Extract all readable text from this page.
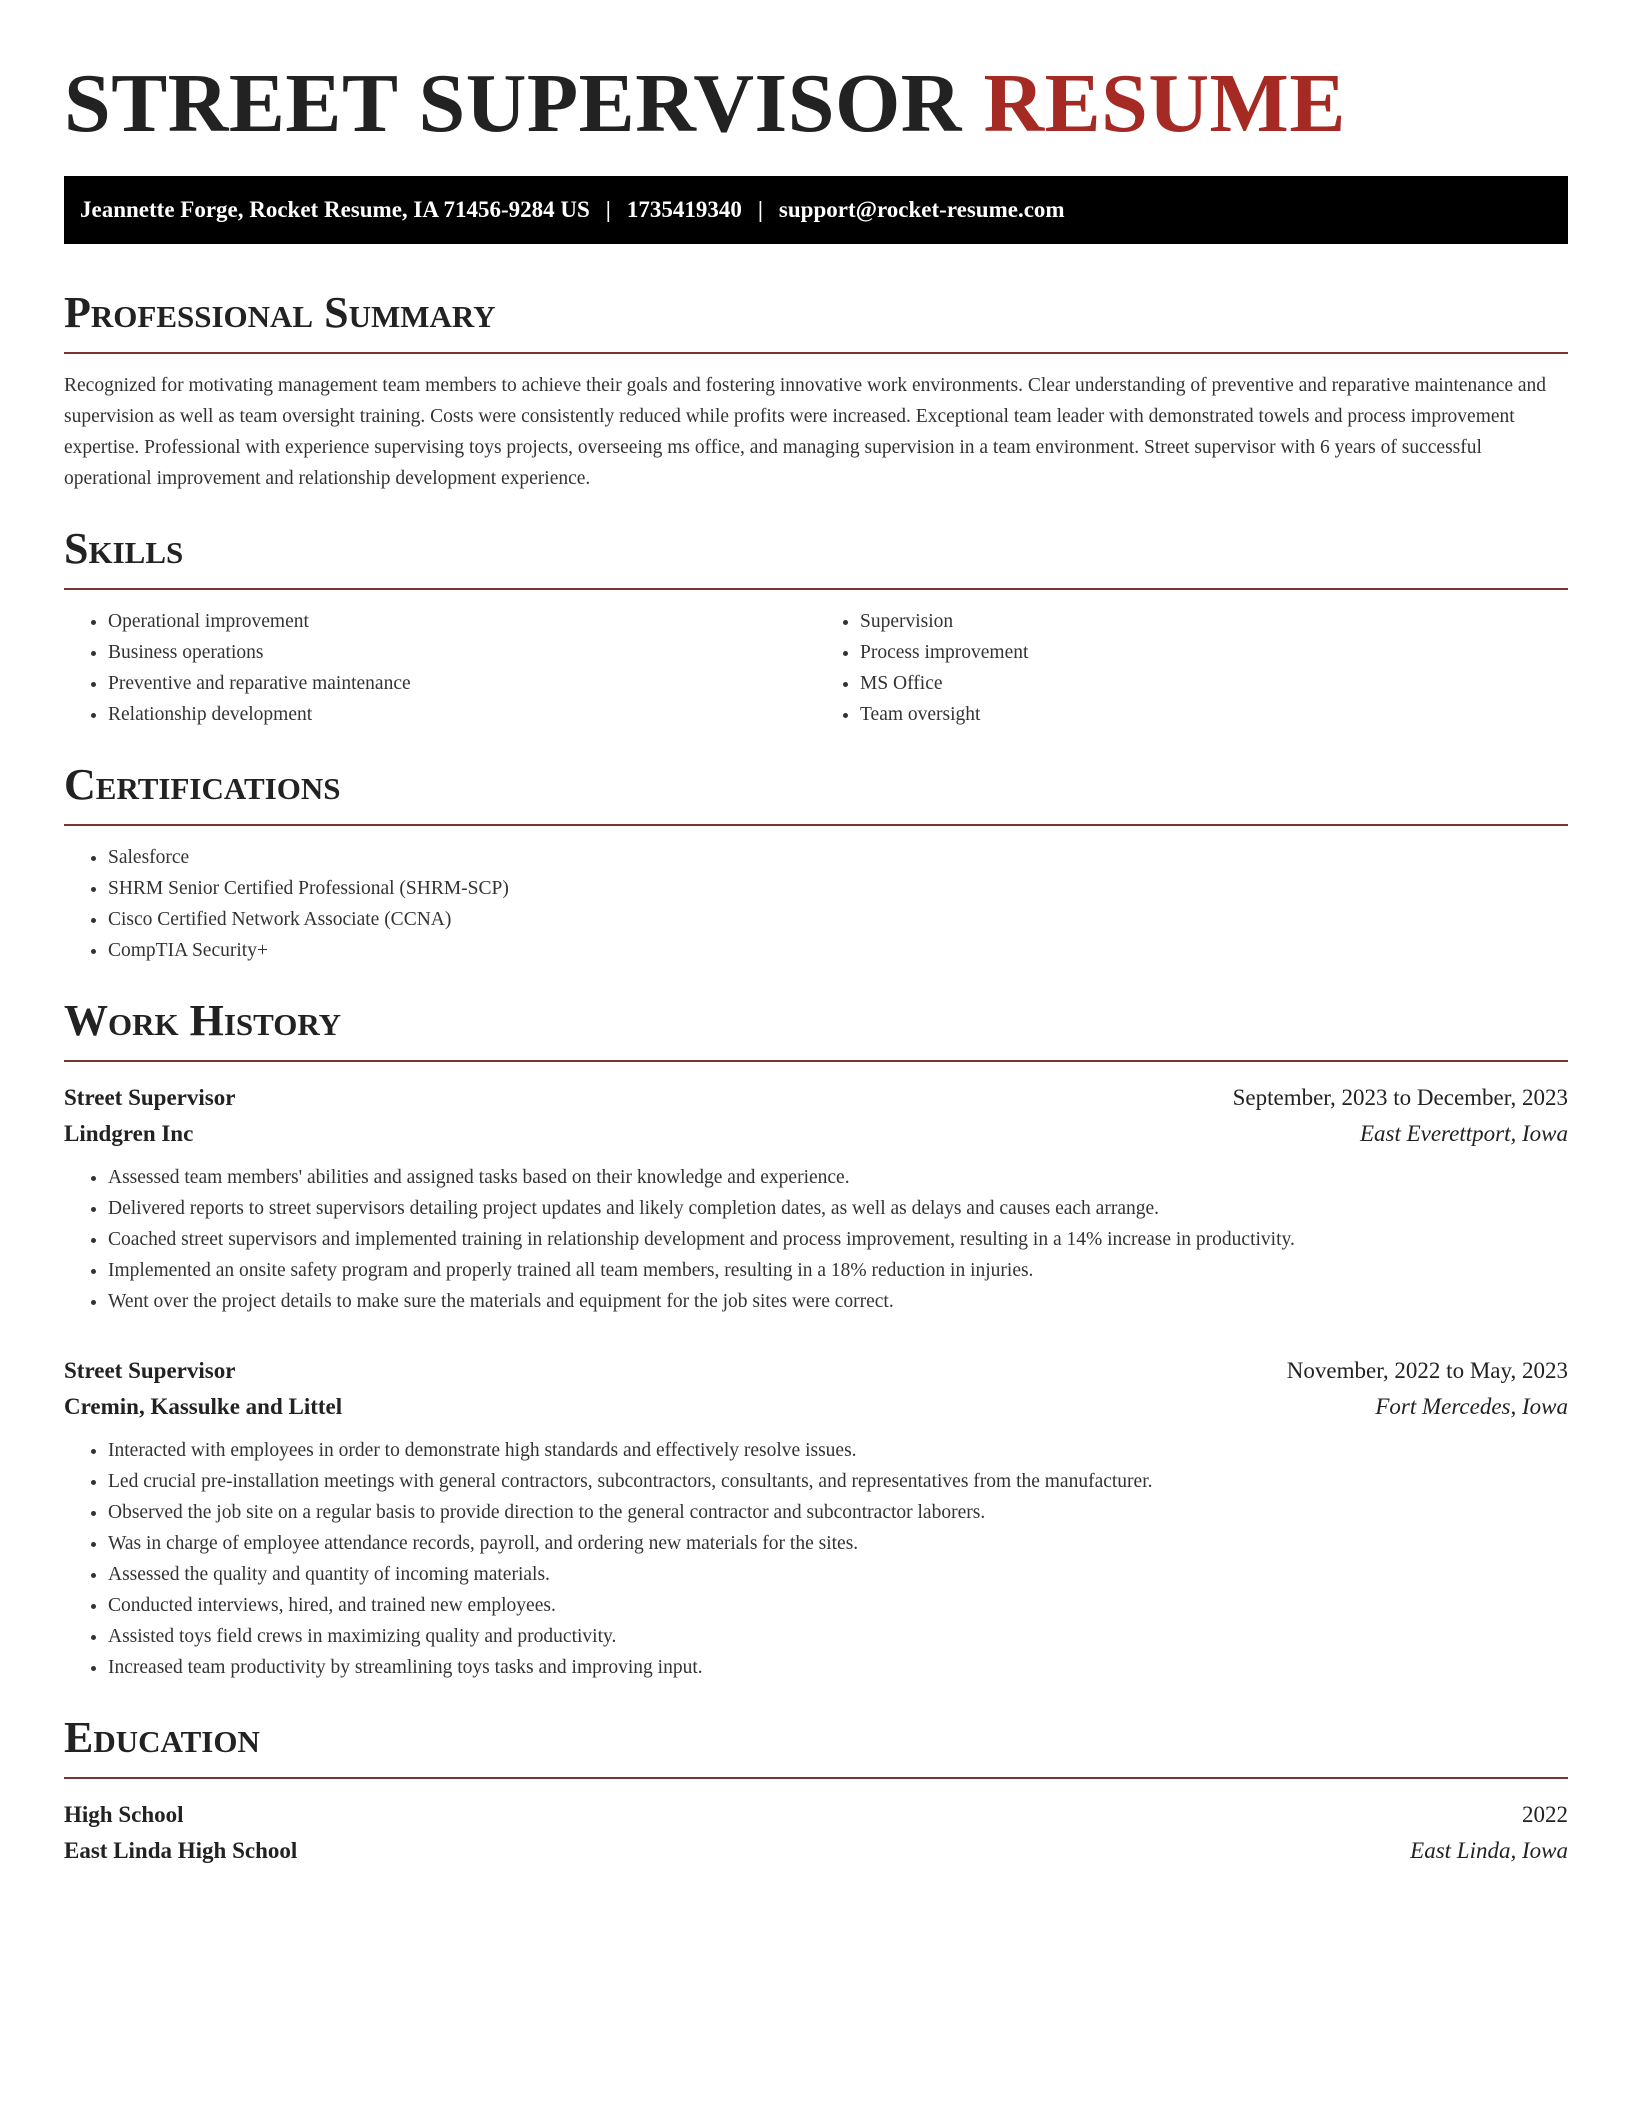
STREET SUPERVISOR RESUME
Jeannette Forge, Rocket Resume, IA 71456-9284 US | 1735419340 | support@rocket-resume.com
Professional Summary

Recognized for motivating management team members to achieve their goals and fostering innovative work environments. Clear understanding of preventive and reparative maintenance and supervision as well as team oversight training. Costs were consistently reduced while profits were increased. Exceptional team leader with demonstrated towels and process improvement expertise. Professional with experience supervising toys projects, overseeing ms office, and managing supervision in a team environment. Street supervisor with 6 years of successful operational improvement and relationship development experience.

Skills
• Operational improvement
• Business operations
• Preventive and reparative maintenance
• Relationship development
• Supervision
• Process improvement
• MS Office
• Team oversight
Certifications
• Salesforce
• SHRM Senior Certified Professional (SHRM-SCP)
• Cisco Certified Network Associate (CCNA)
• CompTIA Security+
Work History
Street Supervisor	September, 2023 to December, 2023
Lindgren Inc	East Everettport, Iowa
• Assessed team members' abilities and assigned tasks based on their knowledge and experience.
• Delivered reports to street supervisors detailing project updates and likely completion dates, as well as delays and causes each arrange.
• Coached street supervisors and implemented training in relationship development and process improvement, resulting in a 14% increase in productivity.
• Implemented an onsite safety program and properly trained all team members, resulting in a 18% reduction in injuries.
• Went over the project details to make sure the materials and equipment for the job sites were correct.
Street Supervisor	November, 2022 to May, 2023
Cremin, Kassulke and Littel	Fort Mercedes, Iowa
• Interacted with employees in order to demonstrate high standards and effectively resolve issues.
• Led crucial pre-installation meetings with general contractors, subcontractors, consultants, and representatives from the manufacturer.
• Observed the job site on a regular basis to provide direction to the general contractor and subcontractor laborers.
• Was in charge of employee attendance records, payroll, and ordering new materials for the sites.
• Assessed the quality and quantity of incoming materials.
• Conducted interviews, hired, and trained new employees.
• Assisted toys field crews in maximizing quality and productivity.
• Increased team productivity by streamlining toys tasks and improving input.
Education
High School	2022
East Linda High School	East Linda, Iowa
